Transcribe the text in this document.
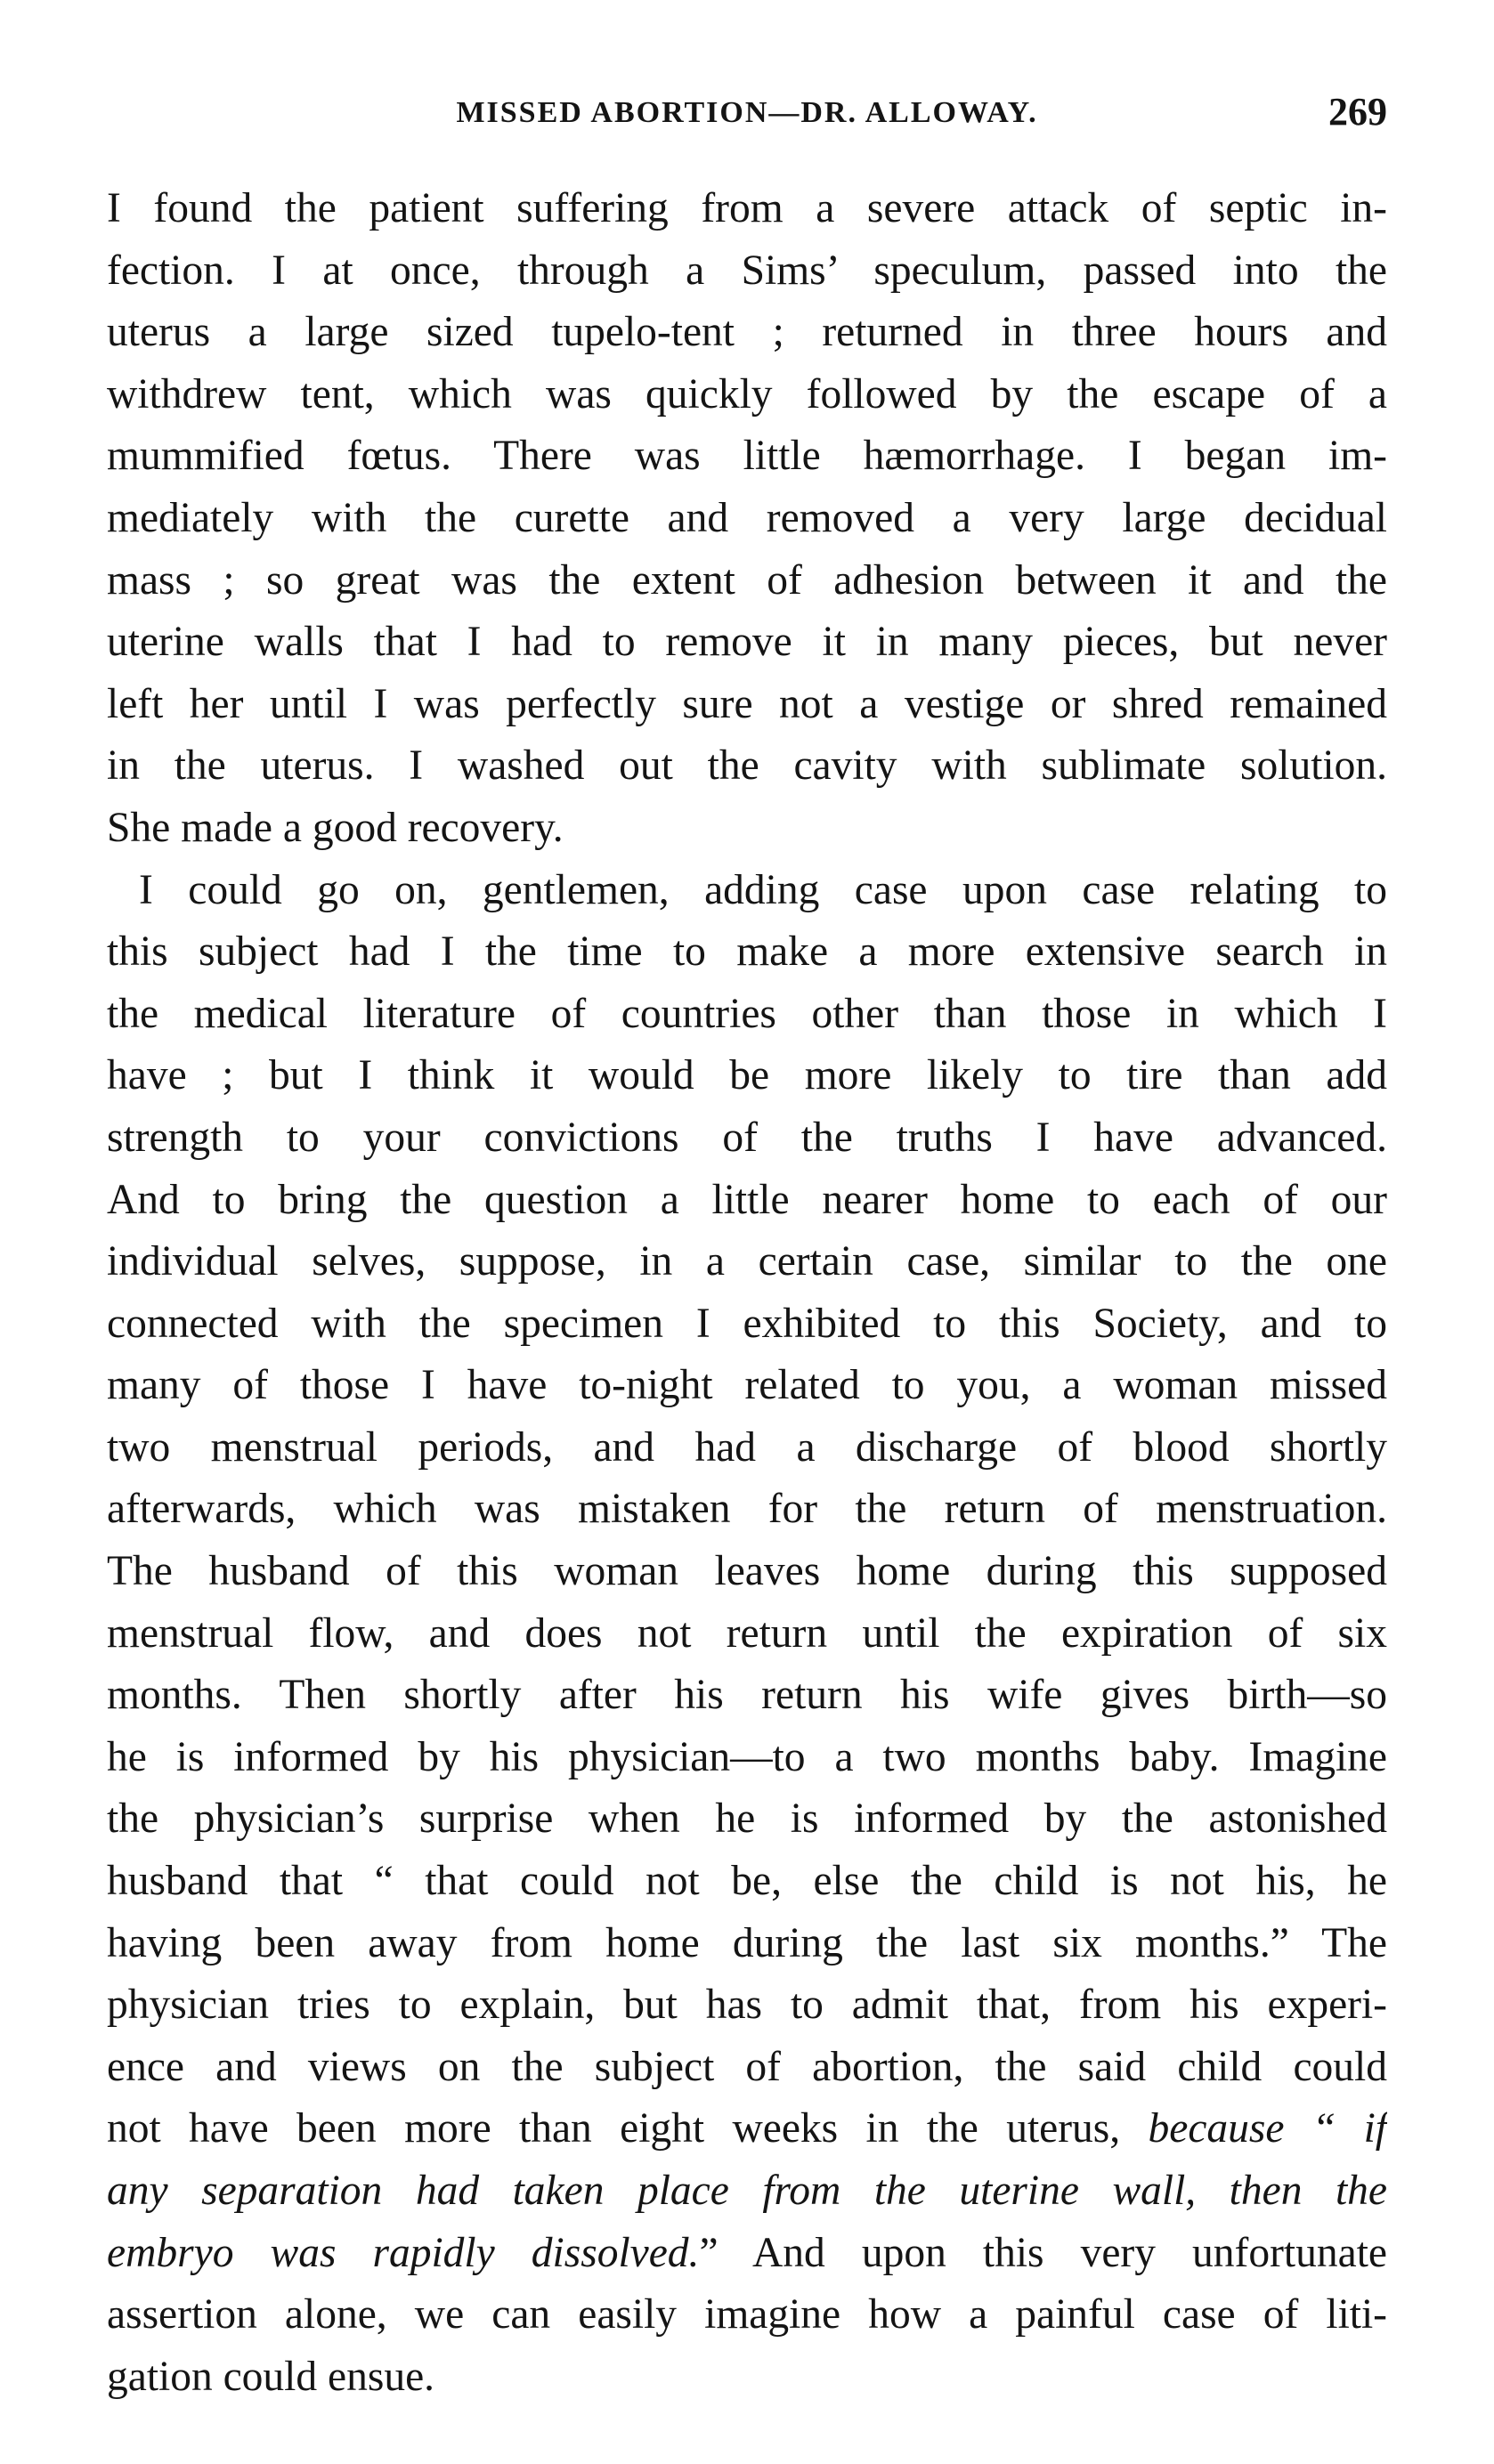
MISSED ABORTION—DR. ALLOWAY.	269

I found the patient suffering from a severe attack of septic in-
fection. I at once, through a Sims’ speculum, passed into the
uterus a large sized tupelo-tent ; returned in three hours and
withdrew tent, which was quickly followed by the escape of a
mummified fœtus. There was little hæmorrhage. I began im-
mediately with the curette and removed a very large decidual
mass ; so great was the extent of adhesion between it and the
uterine walls that I had to remove it in many pieces, but never
left her until I was perfectly sure not a vestige or shred remained
in the uterus. I washed out the cavity with sublimate solution.
She made a good recovery.

I could go on, gentlemen, adding case upon case relating to
this subject had I the time to make a more extensive search in
the medical literature of countries other than those in which I
have ; but I think it would be more likely to tire than add
strength to your convictions of the truths I have advanced.
And to bring the question a little nearer home to each of our
individual selves, suppose, in a certain case, similar to the one
connected with the specimen I exhibited to this Society, and to
many of those I have to-night related to you, a woman missed
two menstrual periods, and had a discharge of blood shortly
afterwards, which was mistaken for the return of menstruation.
The husband of this woman leaves home during this supposed
menstrual flow, and does not return until the expiration of six
months. Then shortly after his return his wife gives birth—so
he is informed by his physician—to a two months baby. Imagine
the physician’s surprise when he is informed by the astonished
husband that “ that could not be, else the child is not his, he
having been away from home during the last six months.” The
physician tries to explain, but has to admit that, from his experi-
ence and views on the subject of abortion, the said child could
not have been more than eight weeks in the uterus, because “ if
any separation had taken place from the uterine wall, then the
embryo was rapidly dissolved.” And upon this very unfortunate
assertion alone, we can easily imagine how a painful case of liti-
gation could ensue.
